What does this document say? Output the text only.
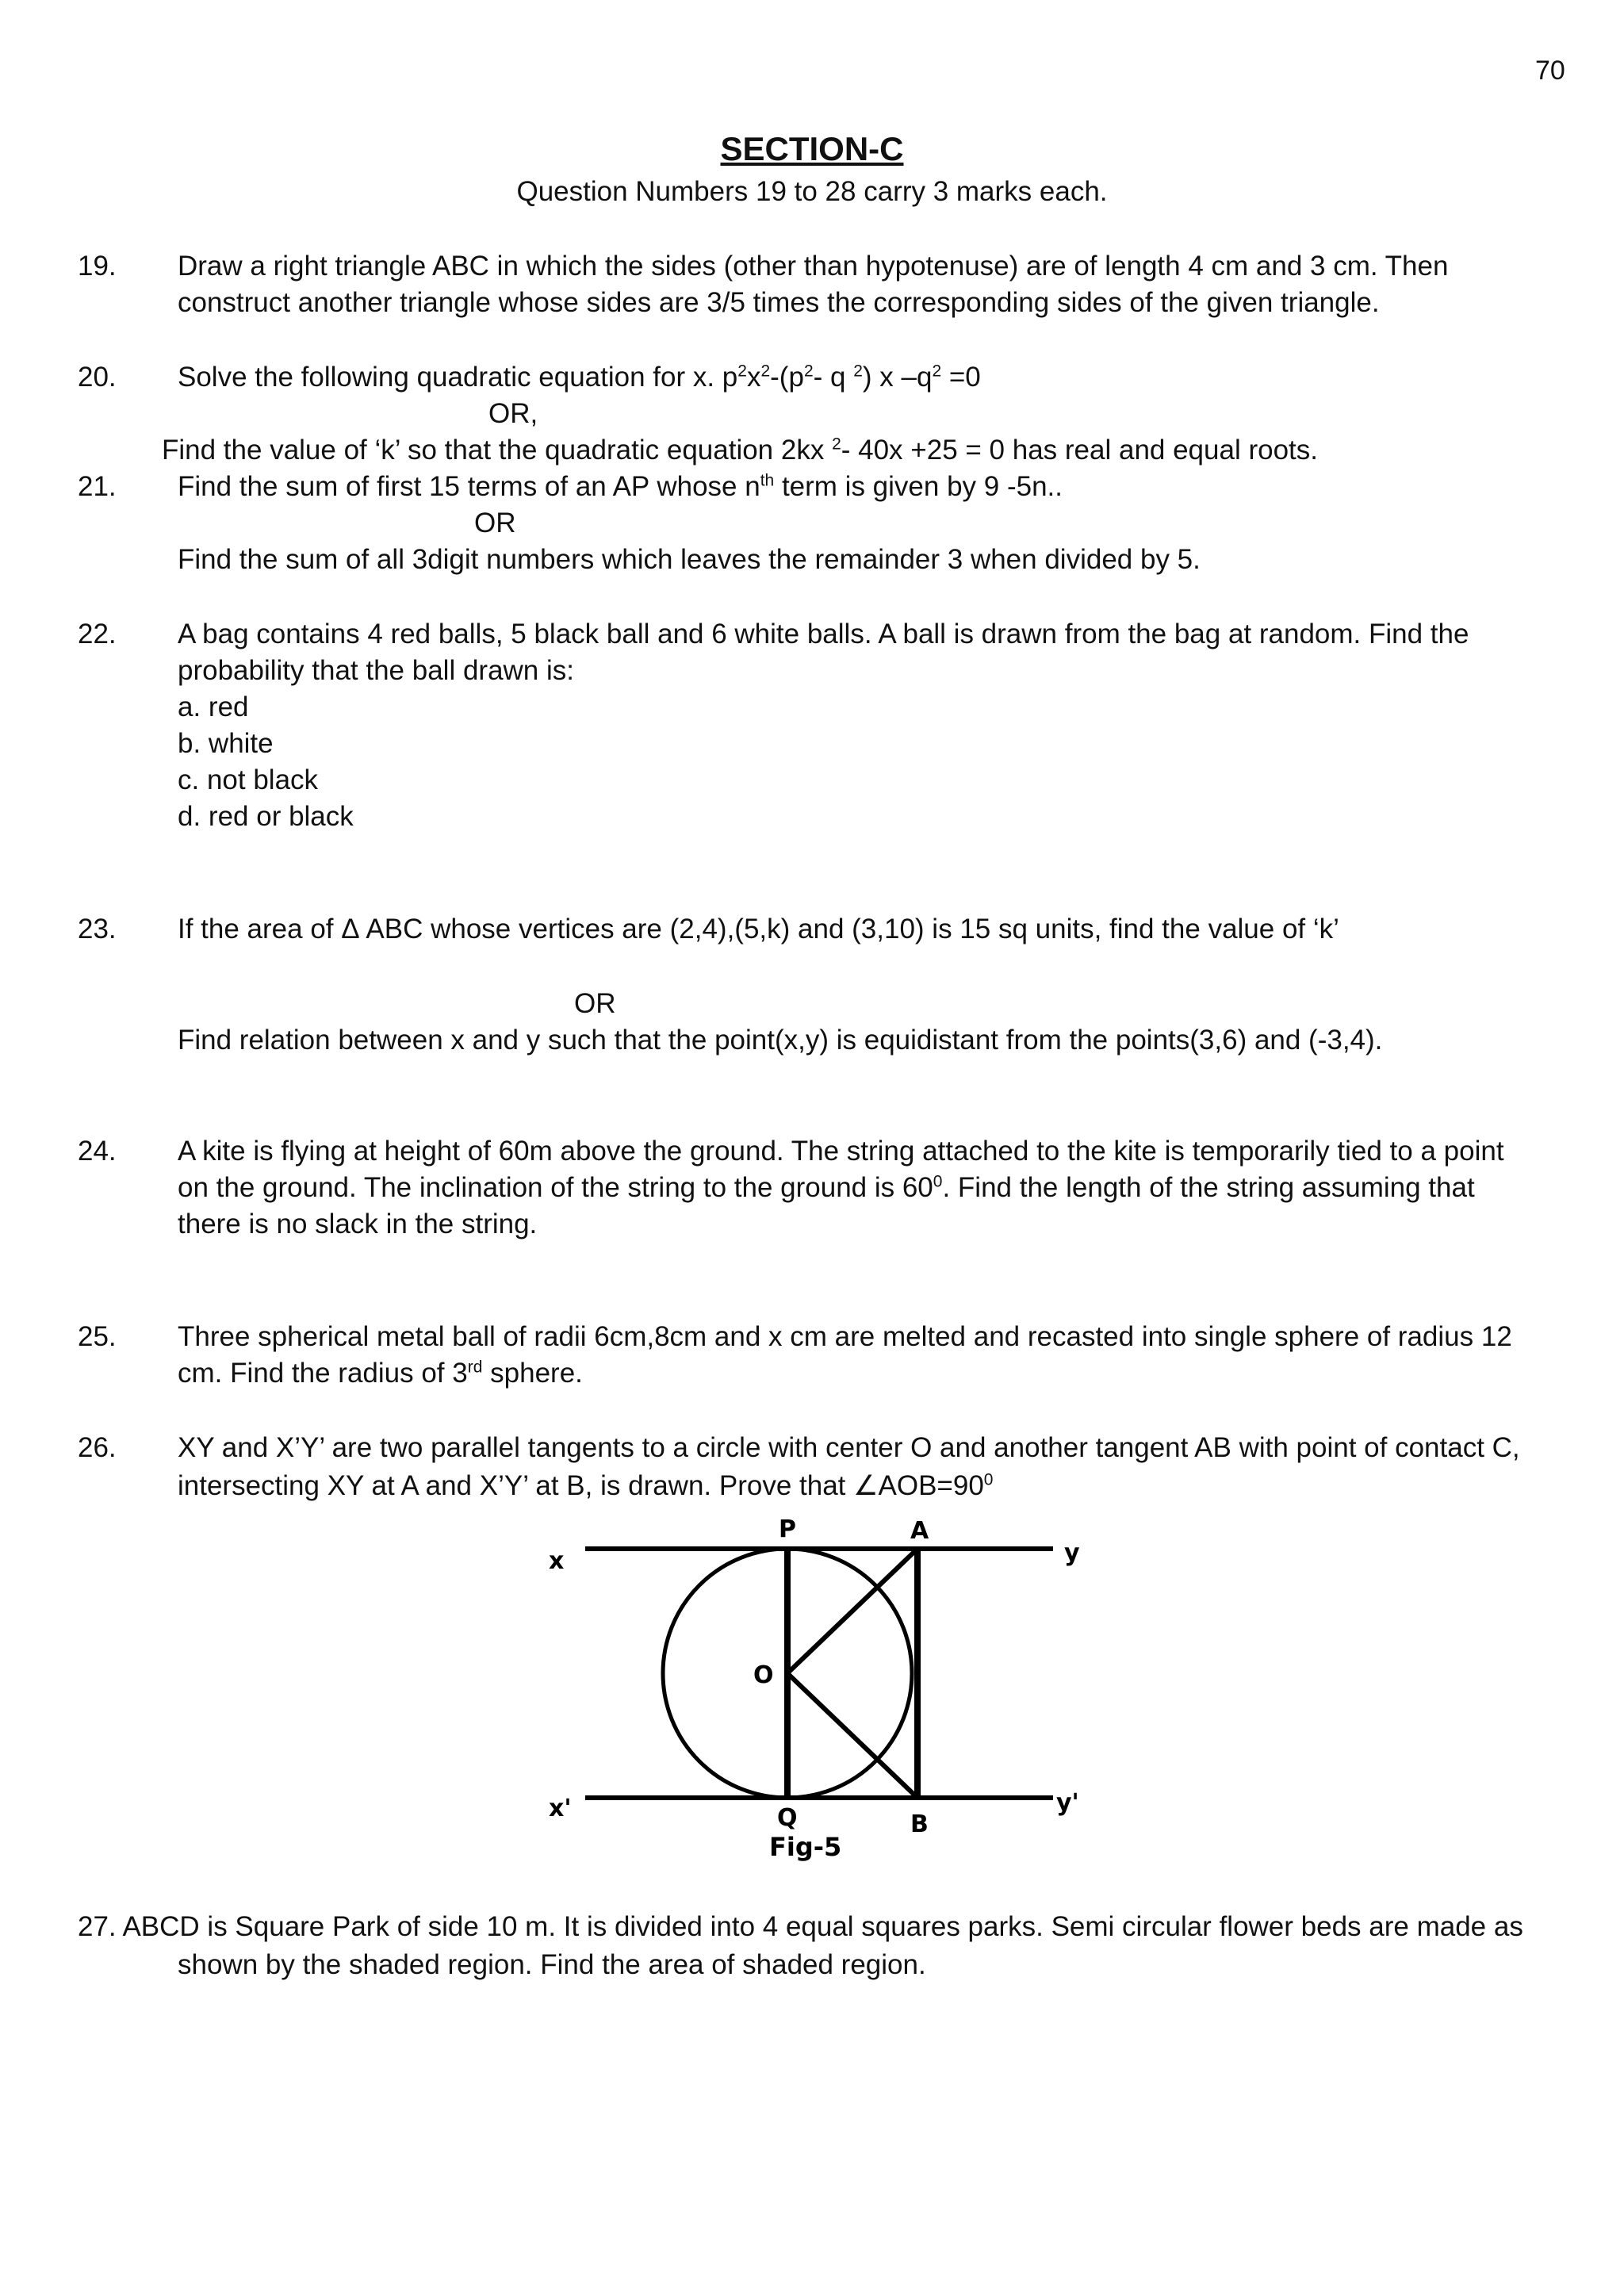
70
SECTION-C
Question Numbers 19 to 28 carry 3 marks each.
19. Draw a right triangle ABC in which the sides (other than hypotenuse) are of length 4 cm and 3 cm. Then
construct another triangle whose sides are 3/5 times the corresponding sides of the given triangle.
20. Solve the following quadratic equation for x. $p^2x^2-(p^2-$ q $^2$) x $-q^2 =0$
OR,
Find the value of ‘k’ so that the quadratic equation 2kx $^2$- 40x +25 = 0 has real and equal roots.
21. Find the sum of first 15 terms of an AP whose $n^{th}$ term is given by 9 -5n..
OR
Find the sum of all 3digit numbers which leaves the remainder 3 when divided by 5.
22. A bag contains 4 red balls, 5 black ball and 6 white balls. A ball is drawn from the bag at random. Find the
probability that the ball drawn is:
a. red
b. white
c. not black
d. red or black
23. If the area of Δ ABC whose vertices are (2,4),(5,k) and (3,10) is 15 sq units, find the value of ‘k’
OR
Find relation between x and y such that the point(x,y) is equidistant from the points(3,6) and (-3,4).
24. A kite is flying at height of 60m above the ground. The string attached to the kite is temporarily tied to a point
on the ground. The inclination of the string to the ground is $60^0$. Find the length of the string assuming that
there is no slack in the string.
25. Three spherical metal ball of radii 6cm,8cm and x cm are melted and recasted into single sphere of radius 12
cm. Find the radius of 3rd sphere.
26. XY and X’Y’ are two parallel tangents to a circle with center O and another tangent AB with point of contact C,
intersecting XY at A and X’Y’ at B, is drawn. Prove that $\angle AOB=90^0$
x	y
x'	y'
P	A
O
Q	B
Fig-5
27. ABCD is Square Park of side 10 m. It is divided into 4 equal squares parks. Semi circular flower beds are made as
shown by the shaded region. Find the area of shaded region.
